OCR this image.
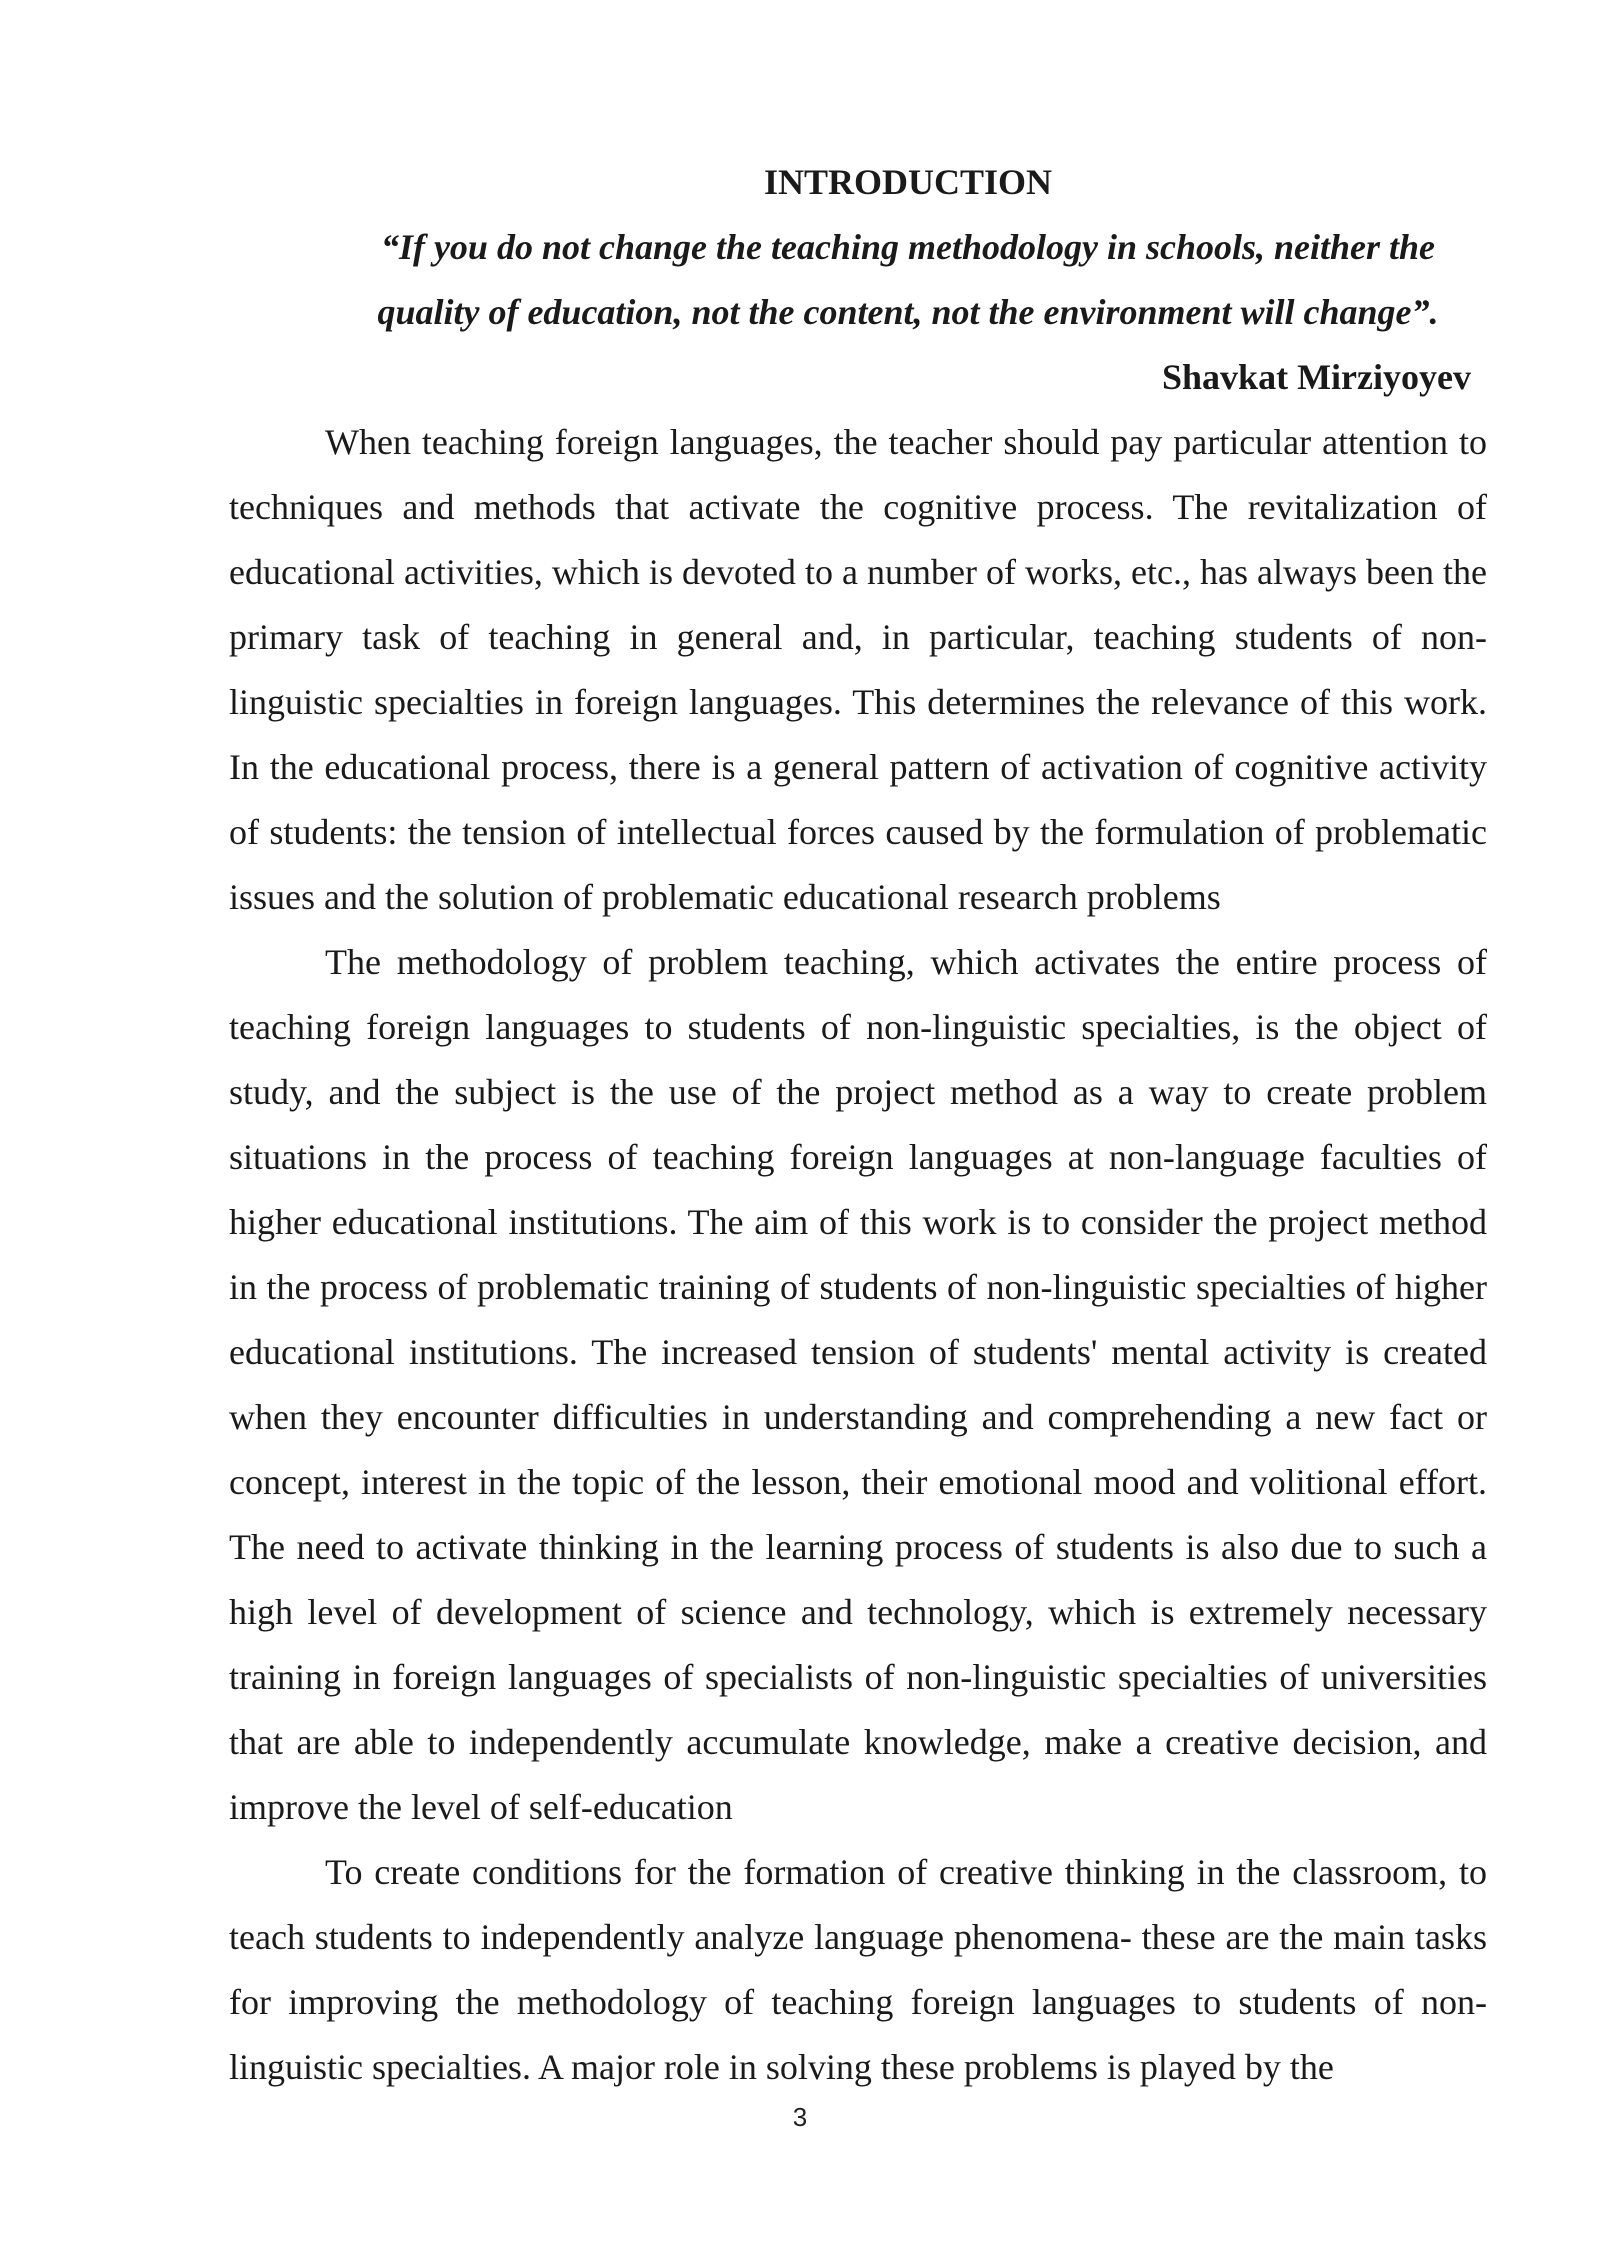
INTRODUCTION

“If you do not change the teaching methodology in schools, neither the quality of education, not the content, not the environment will change”.

Shavkat Mirziyoyev

When teaching foreign languages, the teacher should pay particular attention to techniques and methods that activate the cognitive process. The revitalization of educational activities, which is devoted to a number of works, etc., has always been the primary task of teaching in general and, in particular, teaching students of non-linguistic specialties in foreign languages. This determines the relevance of this work. In the educational process, there is a general pattern of activation of cognitive activity of students: the tension of intellectual forces caused by the formulation of problematic issues and the solution of problematic educational research problems

The methodology of problem teaching, which activates the entire process of teaching foreign languages to students of non-linguistic specialties, is the object of study, and the subject is the use of the project method as a way to create problem situations in the process of teaching foreign languages at non-language faculties of higher educational institutions. The aim of this work is to consider the project method in the process of problematic training of students of non-linguistic specialties of higher educational institutions. The increased tension of students' mental activity is created when they encounter difficulties in understanding and comprehending a new fact or concept, interest in the topic of the lesson, their emotional mood and volitional effort. The need to activate thinking in the learning process of students is also due to such a high level of development of science and technology, which is extremely necessary training in foreign languages of specialists of non-linguistic specialties of universities that are able to independently accumulate knowledge, make a creative decision, and improve the level of self-education

To create conditions for the formation of creative thinking in the classroom, to teach students to independently analyze language phenomena- these are the main tasks for improving the methodology of teaching foreign languages to students of non-linguistic specialties. A major role in solving these problems is played by the

3
